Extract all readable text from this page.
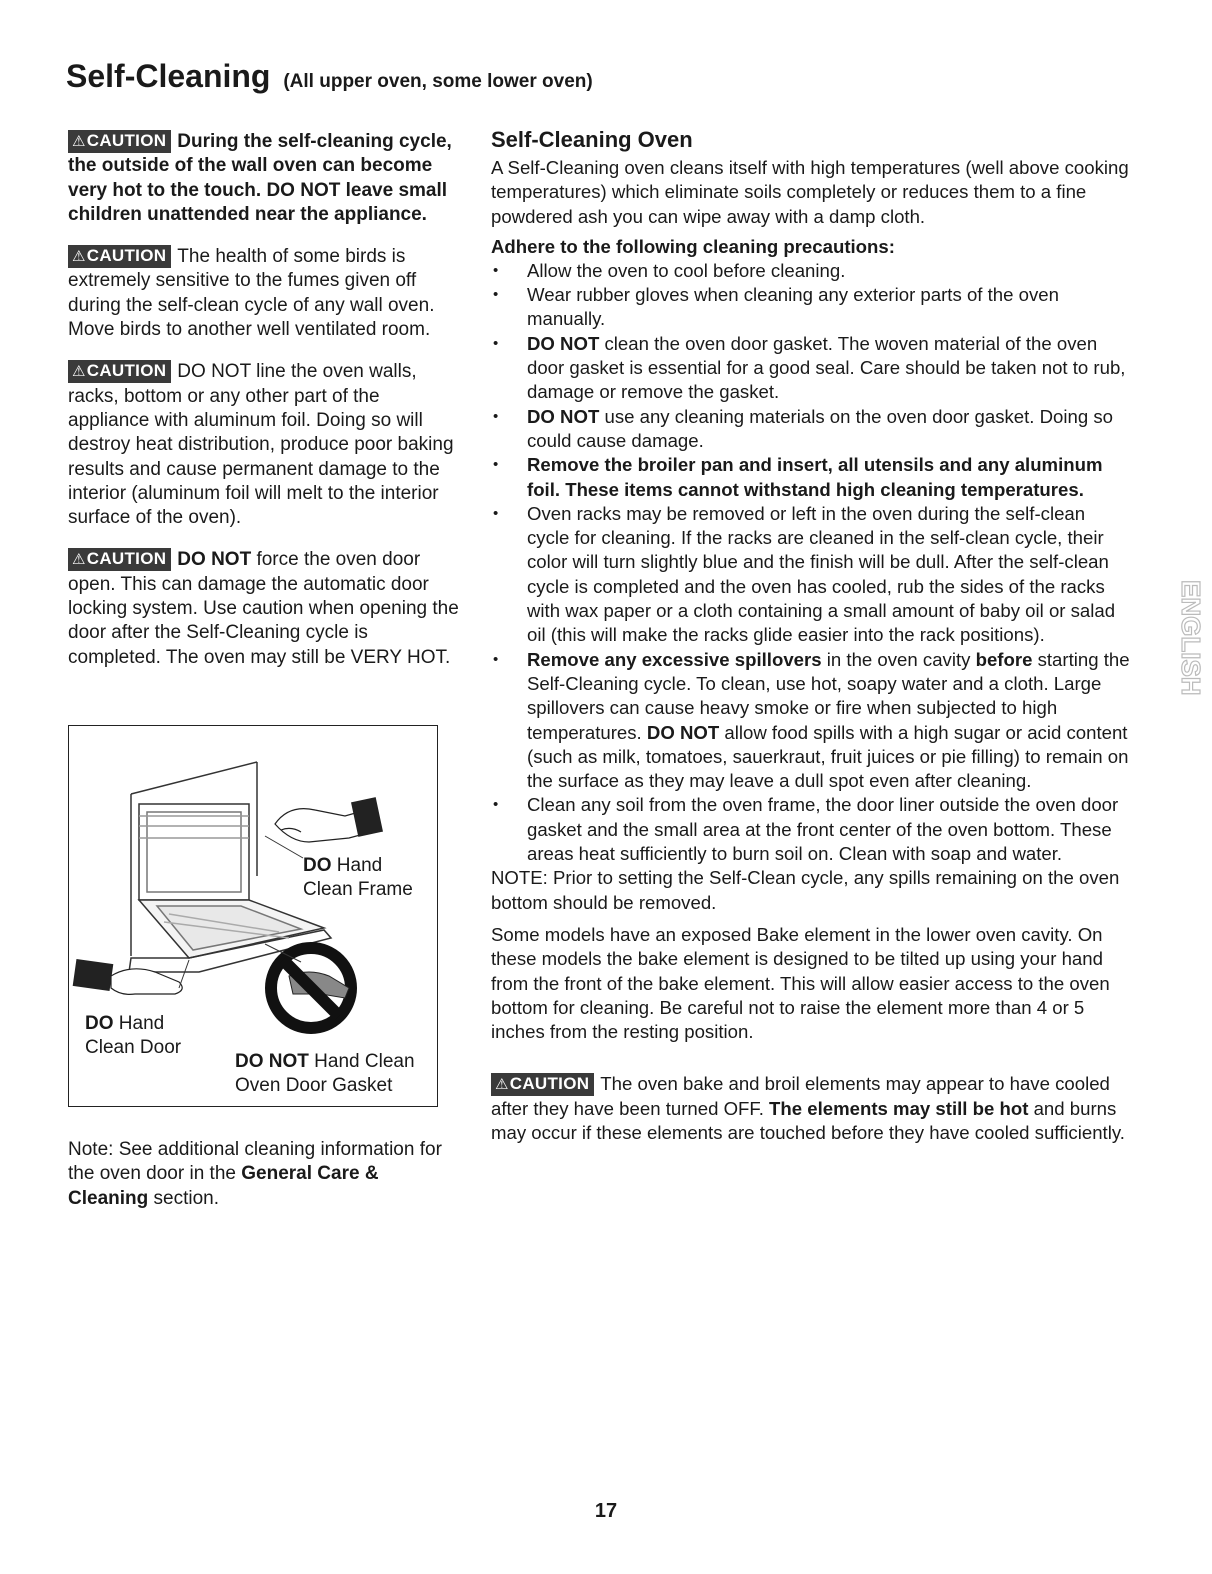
Self-Cleaning (All upper oven, some lower oven)

⚠CAUTION During the self-cleaning cycle, the outside of the wall oven can become very hot to the touch. DO NOT leave small children unattended near the appliance.

⚠CAUTION The health of some birds is extremely sensitive to the fumes given off during the self-clean cycle of any wall oven. Move birds to another well ventilated room.

⚠CAUTION DO NOT line the oven walls, racks, bottom or any other part of the appliance with aluminum foil. Doing so will destroy heat distribution, produce poor baking results and cause permanent damage to the interior (aluminum foil will melt to the interior surface of the oven).

⚠CAUTION DO NOT force the oven door open. This can damage the automatic door locking system. Use caution when opening the door after the Self-Cleaning cycle is completed. The oven may still be VERY HOT.

DO Hand
Clean Frame
DO Hand
Clean Door
DO NOT Hand Clean
Oven Door Gasket

Note: See additional cleaning information for the oven door in the General Care & Cleaning section.

Self-Cleaning Oven

A Self-Cleaning oven cleans itself with high temperatures (well above cooking temperatures) which eliminate soils completely or reduces them to a fine powdered ash you can wipe away with a damp cloth.

Adhere to the following cleaning precautions:

• Allow the oven to cool before cleaning.
• Wear rubber gloves when cleaning any exterior parts of the oven manually.
• DO NOT clean the oven door gasket. The woven material of the oven door gasket is essential for a good seal. Care should be taken not to rub, damage or remove the gasket.
• DO NOT use any cleaning materials on the oven door gasket. Doing so could cause damage.
• Remove the broiler pan and insert, all utensils and any aluminum foil. These items cannot withstand high cleaning temperatures.
• Oven racks may be removed or left in the oven during the self-clean cycle for cleaning. If the racks are cleaned in the self-clean cycle, their color will turn slightly blue and the finish will be dull. After the self-clean cycle is completed and the oven has cooled, rub the sides of the racks with wax paper or a cloth containing a small amount of baby oil or salad oil (this will make the racks glide easier into the rack positions).
• Remove any excessive spillovers in the oven cavity before starting the Self-Cleaning cycle. To clean, use hot, soapy water and a cloth. Large spillovers can cause heavy smoke or fire when subjected to high temperatures. DO NOT allow food spills with a high sugar or acid content (such as milk, tomatoes, sauerkraut, fruit juices or pie filling) to remain on the surface as they may leave a dull spot even after cleaning.
• Clean any soil from the oven frame, the door liner outside the oven door gasket and the small area at the front center of the oven bottom. These areas heat sufficiently to burn soil on. Clean with soap and water.

NOTE: Prior to setting the Self-Clean cycle, any spills remaining on the oven bottom should be removed.

Some models have an exposed Bake element in the lower oven cavity. On these models the bake element is designed to be tilted up using your hand from the front of the bake element. This will allow easier access to the oven bottom for cleaning. Be careful not to raise the element more than 4 or 5 inches from the resting position.

⚠CAUTION The oven bake and broil elements may appear to have cooled after they have been turned OFF. The elements may still be hot and burns may occur if these elements are touched before they have cooled sufficiently.

ENGLISH
17
